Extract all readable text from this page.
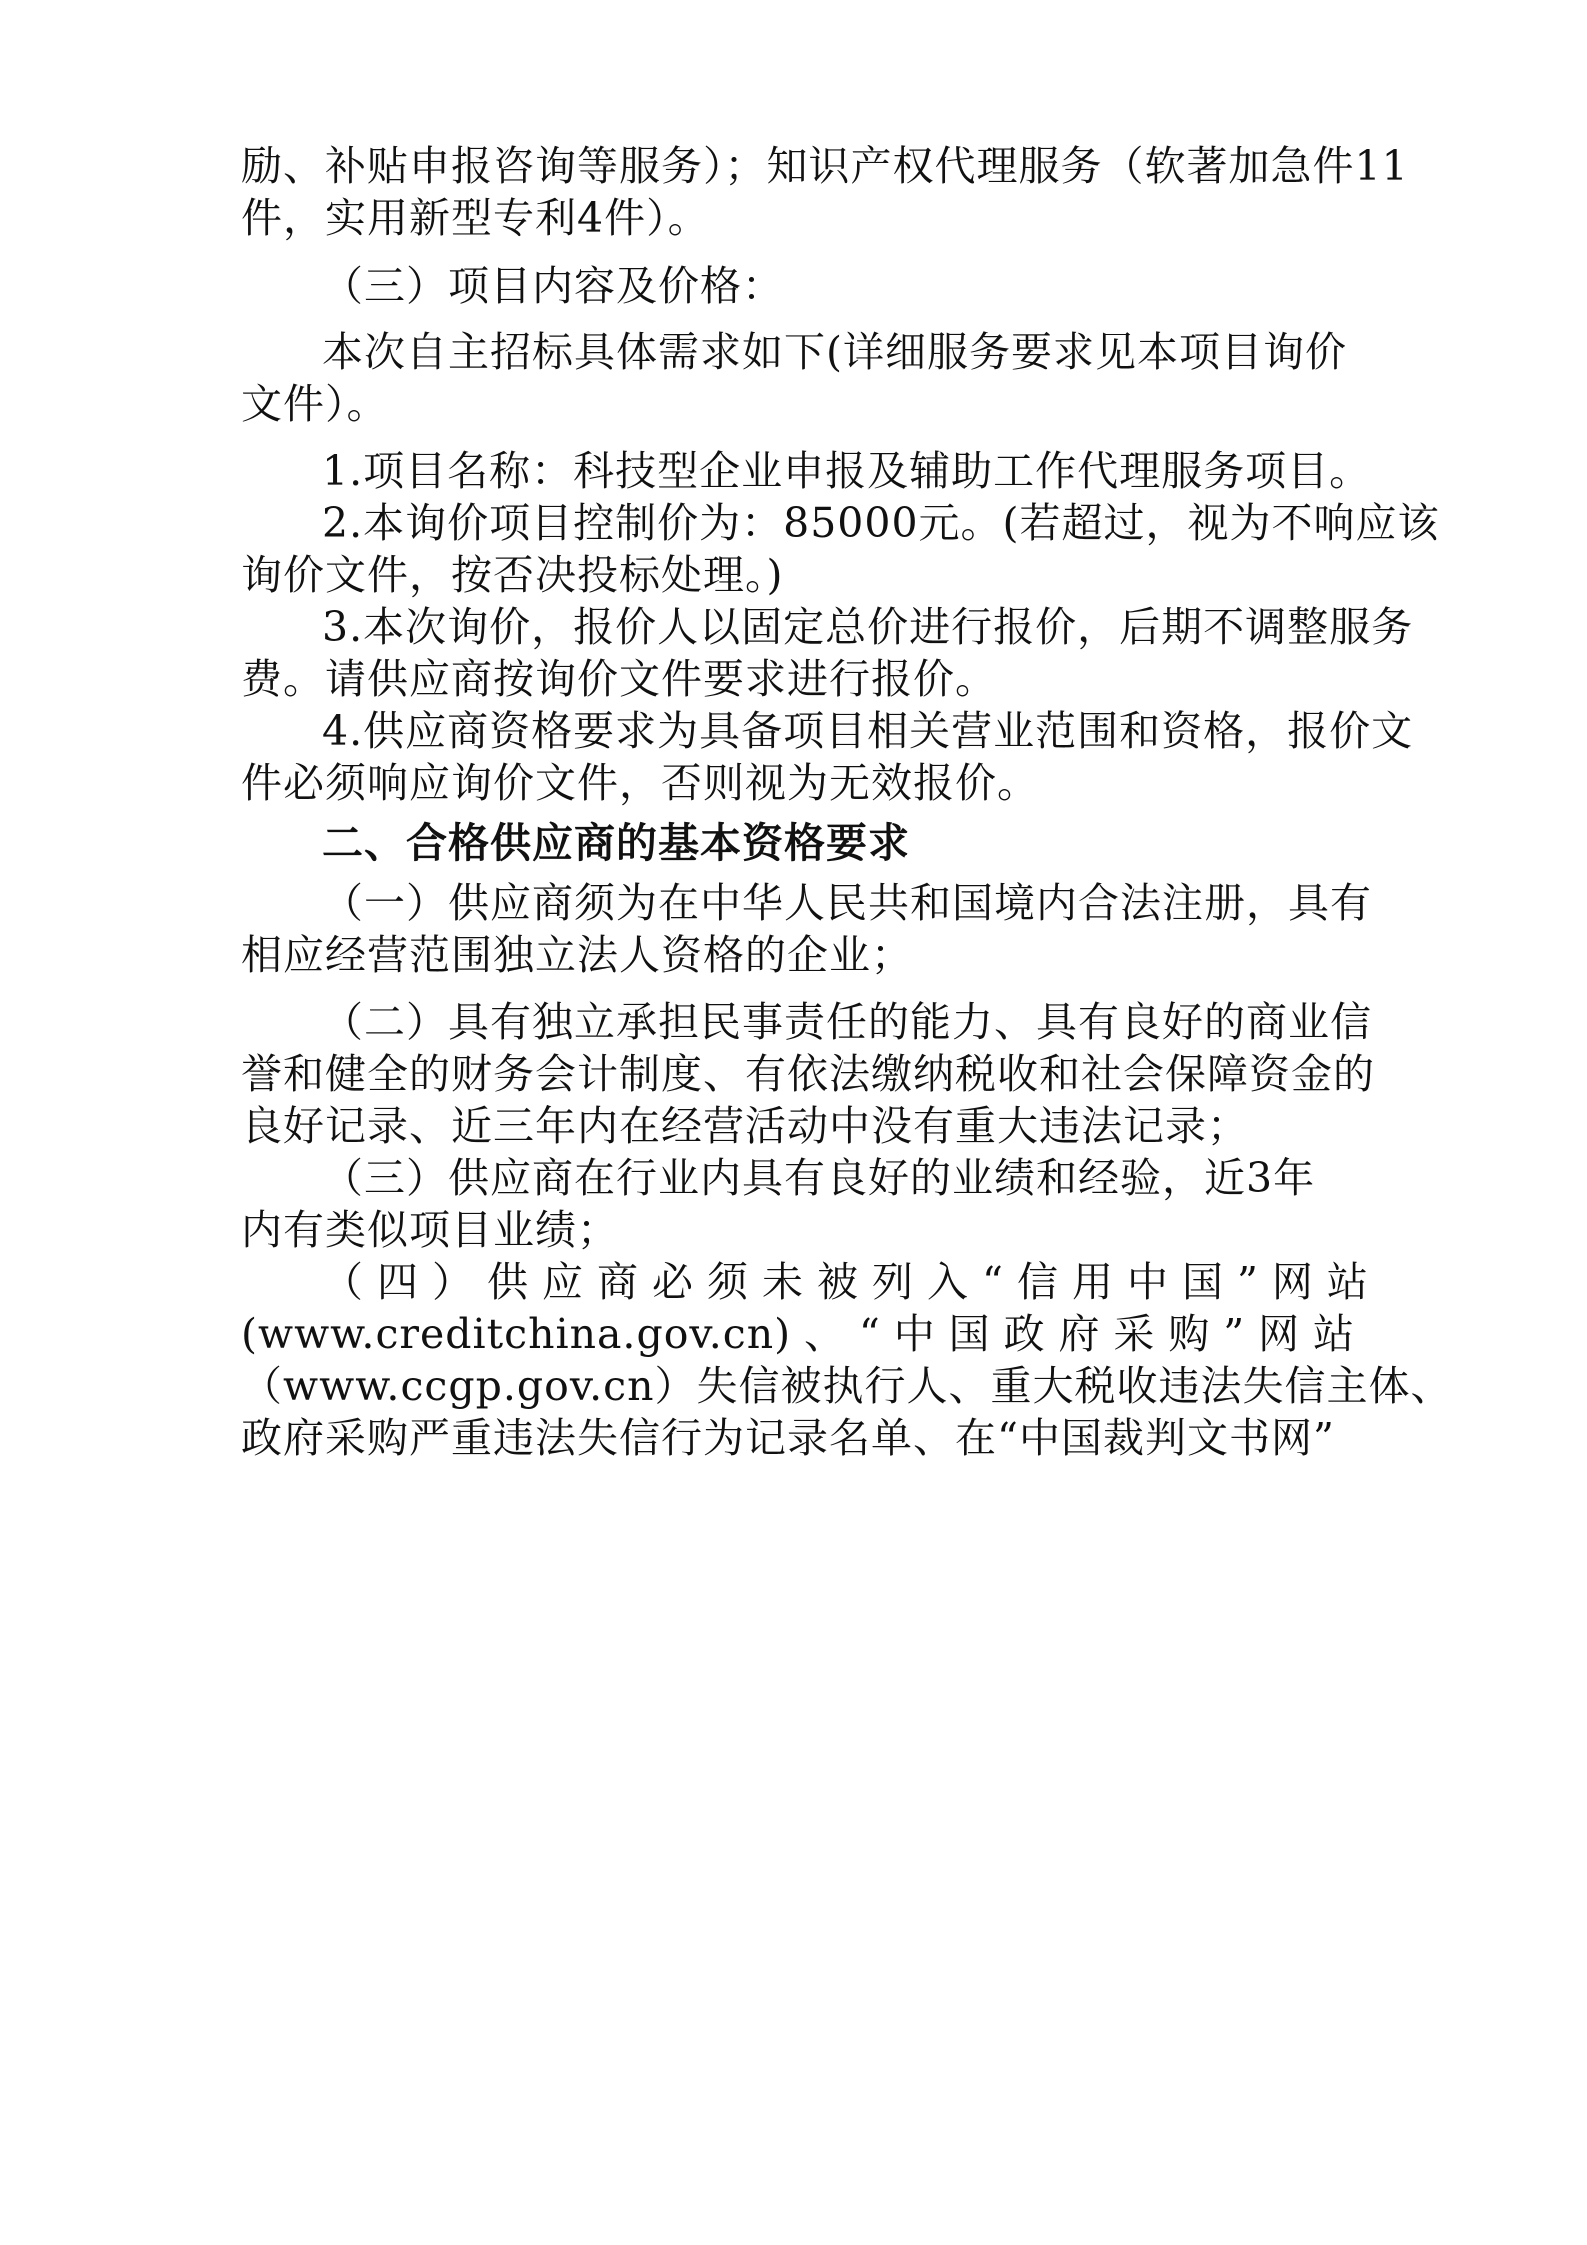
励、补贴申报咨询等服务）；知识产权代理服务（软著加急件11
件，实用新型专利4件）。
（三）项目内容及价格：
本次自主招标具体需求如下(详细服务要求见本项目询价
文件）。
1.项目名称：科技型企业申报及辅助工作代理服务项目。
2.本询价项目控制价为：85000元。(若超过，视为不响应该
询价文件，按否决投标处理。)
3.本次询价，报价人以固定总价进行报价，后期不调整服务
费。请供应商按询价文件要求进行报价。
4.供应商资格要求为具备项目相关营业范围和资格，报价文
件必须响应询价文件，否则视为无效报价。
二、合格供应商的基本资格要求
（一）供应商须为在中华人民共和国境内合法注册，具有
相应经营范围独立法人资格的企业；
（二）具有独立承担民事责任的能力、具有良好的商业信
誉和健全的财务会计制度、有依法缴纳税收和社会保障资金的
良好记录、近三年内在经营活动中没有重大违法记录；
（三）供应商在行业内具有良好的业绩和经验，近3年
内有类似项目业绩；
（四）供应商必须未被列入“信用中国”网站
(www.creditchina.gov.cn)、“中国政府采购”网站
（www.ccgp.gov.cn）失信被执行人、重大税收违法失信主体、
政府采购严重违法失信行为记录名单、在“中国裁判文书网”
